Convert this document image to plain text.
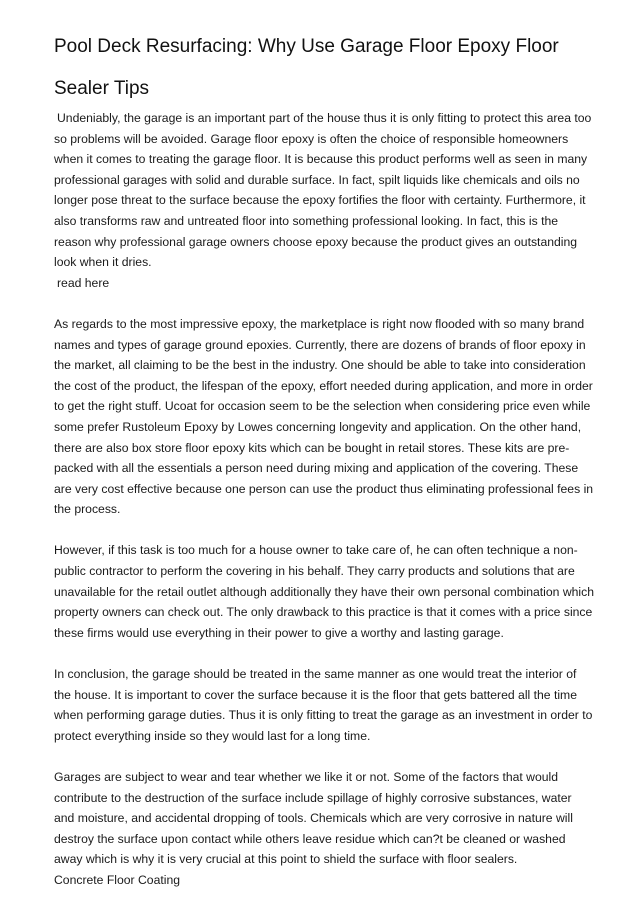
Pool Deck Resurfacing: Why Use Garage Floor Epoxy Floor Sealer Tips

Undeniably, the garage is an important part of the house thus it is only fitting to protect this area too so problems will be avoided. Garage floor epoxy is often the choice of responsible homeowners when it comes to treating the garage floor. It is because this product performs well as seen in many professional garages with solid and durable surface. In fact, spilt liquids like chemicals and oils no longer pose threat to the surface because the epoxy fortifies the floor with certainty. Furthermore, it also transforms raw and untreated floor into something professional looking. In fact, this is the reason why professional garage owners choose epoxy because the product gives an outstanding look when it dries.
read here

As regards to the most impressive epoxy, the marketplace is right now flooded with so many brand names and types of garage ground epoxies. Currently, there are dozens of brands of floor epoxy in the market, all claiming to be the best in the industry. One should be able to take into consideration the cost of the product, the lifespan of the epoxy, effort needed during application, and more in order to get the right stuff. Ucoat for occasion seem to be the selection when considering price even while some prefer Rustoleum Epoxy by Lowes concerning longevity and application. On the other hand, there are also box store floor epoxy kits which can be bought in retail stores. These kits are pre-packed with all the essentials a person need during mixing and application of the covering. These are very cost effective because one person can use the product thus eliminating professional fees in the process.

However, if this task is too much for a house owner to take care of, he can often technique a non-public contractor to perform the covering in his behalf. They carry products and solutions that are unavailable for the retail outlet although additionally they have their own personal combination which property owners can check out. The only drawback to this practice is that it comes with a price since these firms would use everything in their power to give a worthy and lasting garage.

In conclusion, the garage should be treated in the same manner as one would treat the interior of the house. It is important to cover the surface because it is the floor that gets battered all the time when performing garage duties. Thus it is only fitting to treat the garage as an investment in order to protect everything inside so they would last for a long time.

Garages are subject to wear and tear whether we like it or not. Some of the factors that would contribute to the destruction of the surface include spillage of highly corrosive substances, water and moisture, and accidental dropping of tools. Chemicals which are very corrosive in nature will destroy the surface upon contact while others leave residue which can?t be cleaned or washed away which is why it is very crucial at this point to shield the surface with floor sealers.
Concrete Floor Coating
